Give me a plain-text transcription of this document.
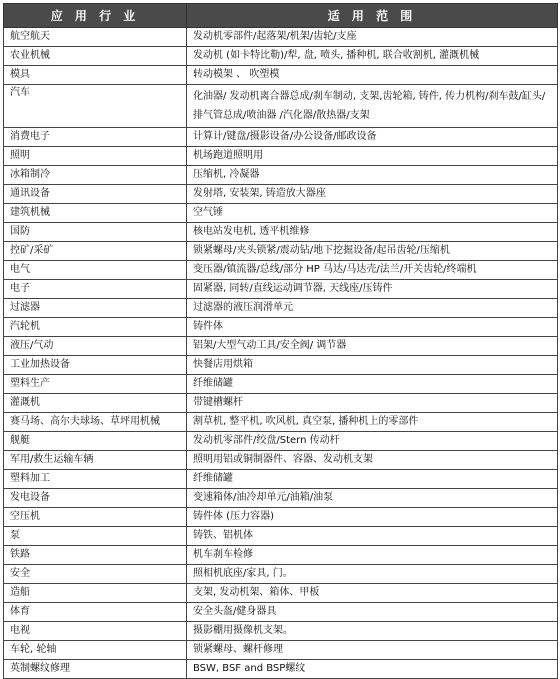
应 用 行 业	适 用 范 围
航空航天	发动机零部件/起落架/机架/齿轮/支座
农业机械	发动机 (如卡特比勒)/犁, 盘, 喷头, 播种机, 联合收割机, 灌溉机械
模具	转动模架 、 吹塑模
汽车	化油器/ 发动机离合器总成/刹车制动, 支架,齿轮箱, 铸件, 传力机构/刹车鼓/缸头/排气管总成/喷油器 /汽化器/散热器/支架
消费电子	计算计/键盘/摄影设备/办公设备/邮政设备
照明	机场跑道照明用
冰箱制冷	压缩机, 冷凝器
通讯设备	发射塔, 安装架, 铸造放大器座
建筑机械	空气锤
国防	核电站发电机, 透平机维修
控矿/采矿	锁紧螺母/夹头锁紧/震动钻/地下挖掘设备/起吊齿轮/压缩机
电气	变压器/镇流器/总线/部分 HP 马达/马达壳/法兰/开关齿轮/终端机
电子	固紧器, 同转/直线运动调节器, 天线座/压铸件
过滤器	过滤器的液压润滑单元
汽轮机	铸件体
液压/气动	铝架/大型气动工具/安全阀/ 调节器
工业加热设备	快餐店用烘箱
塑料生产	纤维储罐
灌溉机	带键槽螺杆
赛马场、高尔夫球场、草坪用机械	割草机, 整平机, 吹风机, 真空泵, 播种机上的零部件
舰艇	发动机零部件/绞盘/Stern 传动杆
军用/救生运输车辆	照明用铝或铜制器件、容器、发动机支架
塑料加工	纤维储罐
发电设备	变速箱体/油冷却单元/油箱/油泵
空压机	铸件体 (压力容器)
泵	铸铁、铝机体
铁路	机车刹车检修
安全	照相机底座/家具, 门。
造船	支架, 发动机架、箱体、甲板
体育	安全头盔/健身器具
电视	摄影棚用摄像机支架。
车轮, 轮轴	锁紧螺母、螺杆修理
英制螺纹修理	BSW, BSF and BSP螺纹
